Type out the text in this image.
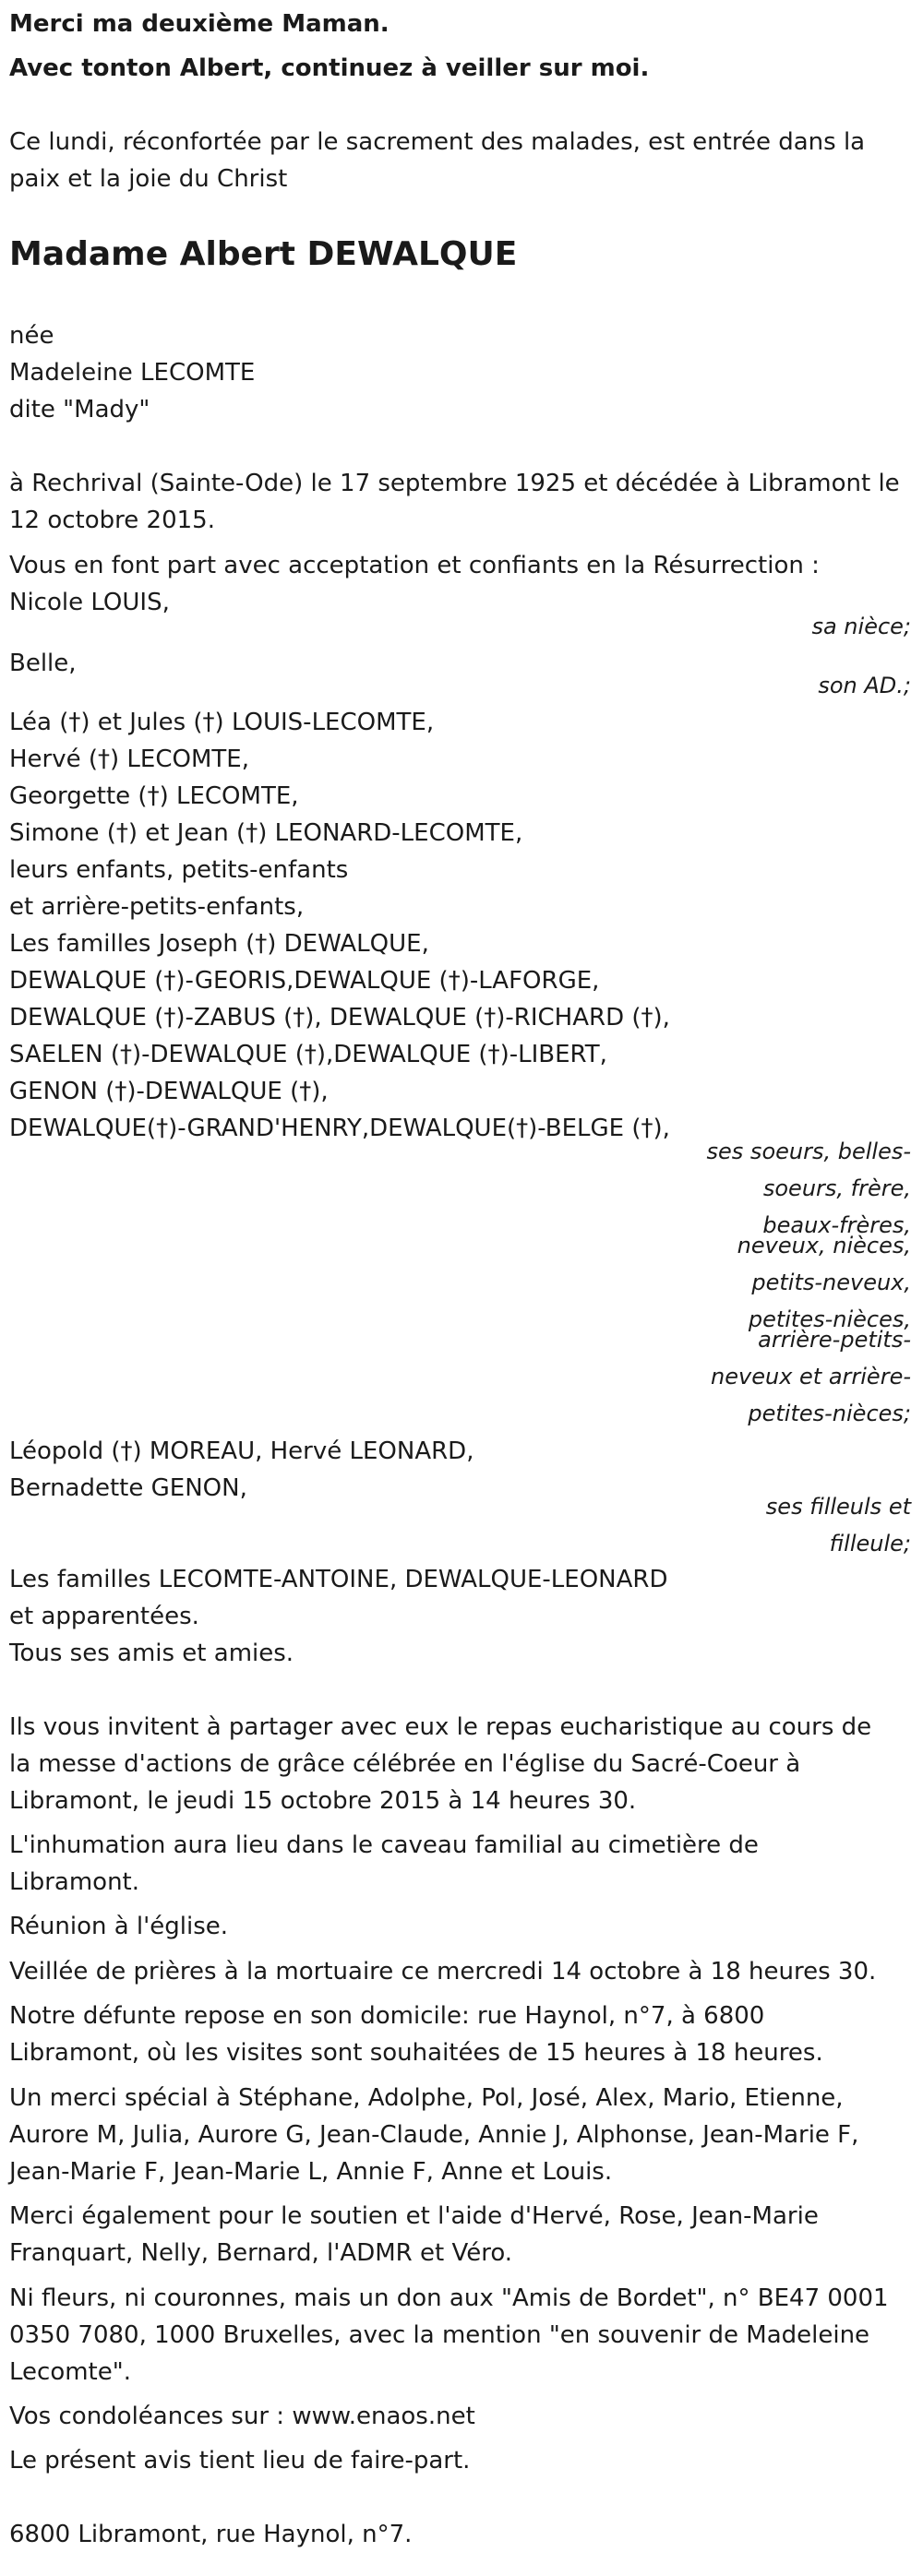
Merci ma deuxième Maman.
Avec tonton Albert, continuez à veiller sur moi.
Ce lundi, réconfortée par le sacrement des malades, est entrée dans la
paix et la joie du Christ
Madame Albert DEWALQUE
née
Madeleine LECOMTE
dite "Mady"
à Rechrival (Sainte-Ode) le 17 septembre 1925 et décédée à Libramont le
12 octobre 2015.
Vous en font part avec acceptation et confiants en la Résurrection :
Nicole LOUIS,
sa nièce;
Belle,
son AD.;
Léa (†) et Jules (†) LOUIS-LECOMTE,
Hervé (†) LECOMTE,
Georgette (†) LECOMTE,
Simone (†) et Jean (†) LEONARD-LECOMTE,
leurs enfants, petits-enfants
et arrière-petits-enfants,
Les familles Joseph (†) DEWALQUE,
DEWALQUE (†)-GEORIS,DEWALQUE (†)-LAFORGE,
DEWALQUE (†)-ZABUS (†), DEWALQUE (†)-RICHARD (†),
SAELEN (†)-DEWALQUE (†),DEWALQUE (†)-LIBERT,
GENON (†)-DEWALQUE (†),
DEWALQUE(†)-GRAND'HENRY,DEWALQUE(†)-BELGE (†),
ses soeurs, belles-
soeurs, frère,
beaux-frères,
neveux, nièces,
petits-neveux,
petites-nièces,
arrière-petits-
neveux et arrière-
petites-nièces;
Léopold (†) MOREAU, Hervé LEONARD,
Bernadette GENON,
ses filleuls et
filleule;
Les familles LECOMTE-ANTOINE, DEWALQUE-LEONARD
et apparentées.
Tous ses amis et amies.
Ils vous invitent à partager avec eux le repas eucharistique au cours de
la messe d'actions de grâce célébrée en l'église du Sacré-Coeur à
Libramont, le jeudi 15 octobre 2015 à 14 heures 30.
L'inhumation aura lieu dans le caveau familial au cimetière de
Libramont.
Réunion à l'église.
Veillée de prières à la mortuaire ce mercredi 14 octobre à 18 heures 30.
Notre défunte repose en son domicile: rue Haynol, n°7, à 6800
Libramont, où les visites sont souhaitées de 15 heures à 18 heures.
Un merci spécial à Stéphane, Adolphe, Pol, José, Alex, Mario, Etienne,
Aurore M, Julia, Aurore G, Jean-Claude, Annie J, Alphonse, Jean-Marie F,
Jean-Marie F, Jean-Marie L, Annie F, Anne et Louis.
Merci également pour le soutien et l'aide d'Hervé, Rose, Jean-Marie
Franquart, Nelly, Bernard, l'ADMR et Véro.
Ni fleurs, ni couronnes, mais un don aux "Amis de Bordet", n° BE47 0001
0350 7080, 1000 Bruxelles, avec la mention "en souvenir de Madeleine
Lecomte".
Vos condoléances sur : www.enaos.net
Le présent avis tient lieu de faire-part.
6800 Libramont, rue Haynol, n°7.
